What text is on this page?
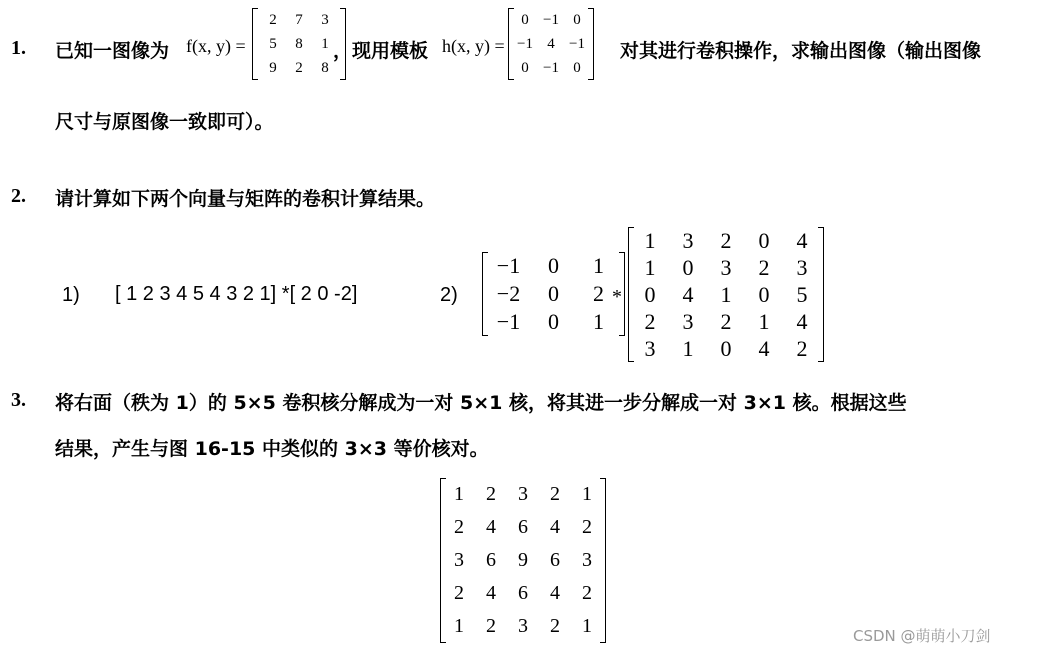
1. 已知一图像为 f(x, y) =
2	7	3
5	8	1
9	2	8
，现用模板 h(x, y) =
0	−1	0
−1	4	−1
0	−1	0
对其进行卷积操作，求输出图像（输出图像
尺寸与原图像一致即可）。
2. 请计算如下两个向量与矩阵的卷积计算结果。
1) [ 1 2 3 4 5 4 3 2 1] *[ 2 0 -2]	2)
−1	0	1
−2	0	2
−1	0	1
*
1	3	2	0	4
1	0	3	2	3
0	4	1	0	5
2	3	2	1	4
3	1	0	4	2
3. 将右面（秩为 1）的 5×5 卷积核分解成为一对 5×1 核，将其进一步分解成一对 3×1 核。根据这些
结果，产生与图 16-15 中类似的 3×3 等价核对。
1	2	3	2	1
2	4	6	4	2
3	6	9	6	3
2	4	6	4	2
1	2	3	2	1	CSDN @萌萌小刀剑
